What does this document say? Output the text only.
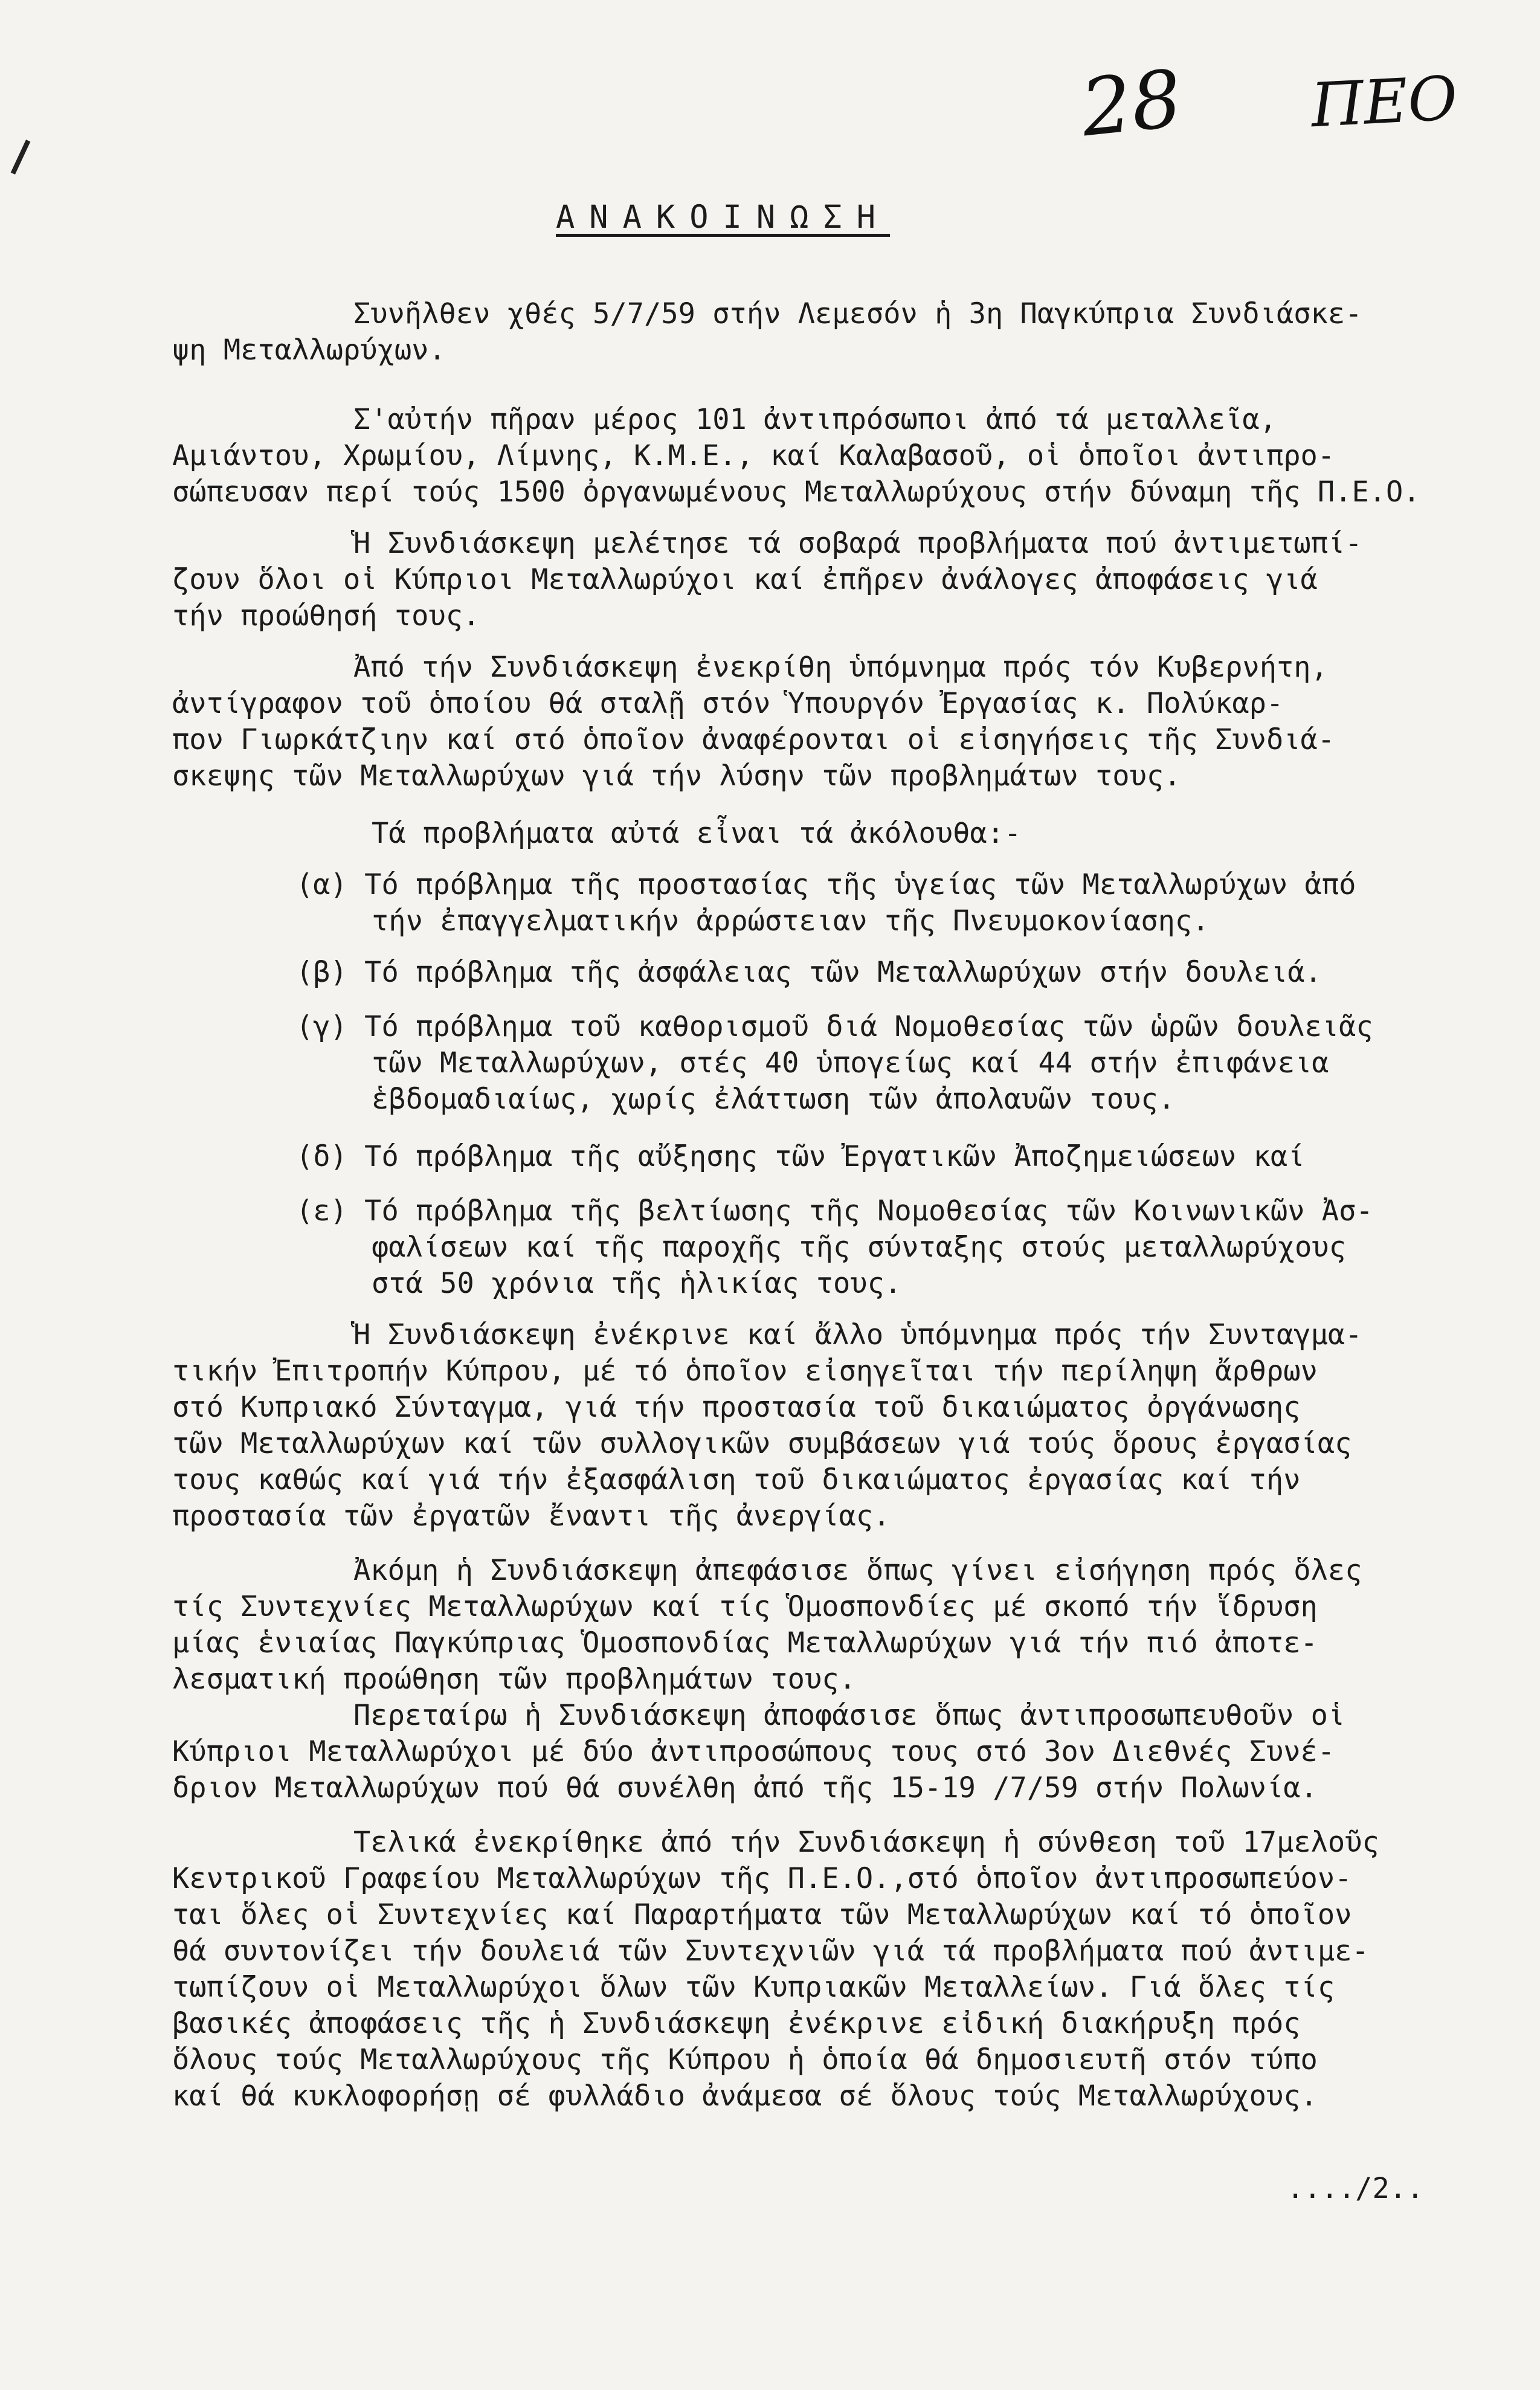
28 ΠΕΟ
ΑΝΑΚΟΙΝΩΣΗ
Συνῆλθεν χθές 5/7/59 στήν Λεμεσόν ἡ 3η Παγκύπρια Συνδιάσκε-
ψη Μεταλλωρύχων.
Σ'αὐτήν πῆραν μέρος 101 ἀντιπρόσωποι ἀπό τά μεταλλεῖα,
Αμιάντου, Χρωμίου, Λίμνης, Κ.Μ.Ε., καί Καλαβασοῦ, οἱ ὁποῖοι ἀντιπρο-
σώπευσαν περί τούς 1500 ὀργανωμένους Μεταλλωρύχους στήν δύναμη τῆς Π.Ε.Ο.
Ἡ Συνδιάσκεψη μελέτησε τά σοβαρά προβλήματα πού ἀντιμετωπί-
ζουν ὅλοι οἱ Κύπριοι Μεταλλωρύχοι καί ἐπῆρεν ἀνάλογες ἀποφάσεις γιά
τήν προώθησή τους.
Ἀπό τήν Συνδιάσκεψη ἐνεκρίθη ὑπόμνημα πρός τόν Κυβερνήτη,
ἀντίγραφον τοῦ ὁποίου θά σταλῇ στόν Ὑπουργόν Ἐργασίας κ. Πολύκαρ-
πον Γιωρκάτζιην καί στό ὁποῖον ἀναφέρονται οἱ εἰσηγήσεις τῆς Συνδιά-
σκεψης τῶν Μεταλλωρύχων γιά τήν λύσην τῶν προβλημάτων τους.
Τά προβλήματα αὐτά εἶναι τά ἀκόλουθα:-
(α) Τό πρόβλημα τῆς προστασίας τῆς ὑγείας τῶν Μεταλλωρύχων ἀπό
τήν ἐπαγγελματικήν ἀρρώστειαν τῆς Πνευμοκονίασης.
(β) Τό πρόβλημα τῆς ἀσφάλειας τῶν Μεταλλωρύχων στήν δουλειά.
(γ) Τό πρόβλημα τοῦ καθορισμοῦ διά Νομοθεσίας τῶν ὡρῶν δουλειᾶς
τῶν Μεταλλωρύχων, στές 40 ὑπογείως καί 44 στήν ἐπιφάνεια
ἑβδομαδιαίως, χωρίς ἐλάττωση τῶν ἀπολαυῶν τους.
(δ) Τό πρόβλημα τῆς αὔξησης τῶν Ἐργατικῶν Ἀποζημειώσεων καί
(ε) Τό πρόβλημα τῆς βελτίωσης τῆς Νομοθεσίας τῶν Κοινωνικῶν Ἀσ-
φαλίσεων καί τῆς παροχῆς τῆς σύνταξης στούς μεταλλωρύχους
στά 50 χρόνια τῆς ἡλικίας τους.
Ἡ Συνδιάσκεψη ἐνέκρινε καί ἄλλο ὑπόμνημα πρός τήν Συνταγμα-
τικήν Ἐπιτροπήν Κύπρου, μέ τό ὁποῖον εἰσηγεῖται τήν περίληψη ἄρθρων
στό Κυπριακό Σύνταγμα, γιά τήν προστασία τοῦ δικαιώματος ὀργάνωσης
τῶν Μεταλλωρύχων καί τῶν συλλογικῶν συμβάσεων γιά τούς ὅρους ἐργασίας
τους καθώς καί γιά τήν ἐξασφάλιση τοῦ δικαιώματος ἐργασίας καί τήν
προστασία τῶν ἐργατῶν ἔναντι τῆς ἀνεργίας.
Ἀκόμη ἡ Συνδιάσκεψη ἀπεφάσισε ὅπως γίνει εἰσήγηση πρός ὅλες
τίς Συντεχνίες Μεταλλωρύχων καί τίς Ὁμοσπονδίες μέ σκοπό τήν ἵδρυση
μίας ἑνιαίας Παγκύπριας Ὁμοσπονδίας Μεταλλωρύχων γιά τήν πιό ἀποτε-
λεσματική προώθηση τῶν προβλημάτων τους.
Περεταίρω ἡ Συνδιάσκεψη ἀποφάσισε ὅπως ἀντιπροσωπευθοῦν οἱ
Κύπριοι Μεταλλωρύχοι μέ δύο ἀντιπροσώπους τους στό 3ον Διεθνές Συνέ-
δριον Μεταλλωρύχων πού θά συνέλθη ἀπό τῆς 15-19 /7/59 στήν Πολωνία.
Τελικά ἐνεκρίθηκε ἀπό τήν Συνδιάσκεψη ἡ σύνθεση τοῦ 17μελοῦς
Κεντρικοῦ Γραφείου Μεταλλωρύχων τῆς Π.Ε.Ο.,στό ὁποῖον ἀντιπροσωπεύον-
ται ὅλες οἱ Συντεχνίες καί Παραρτήματα τῶν Μεταλλωρύχων καί τό ὁποῖον
θά συντονίζει τήν δουλειά τῶν Συντεχνιῶν γιά τά προβλήματα πού ἀντιμε-
τωπίζουν οἱ Μεταλλωρύχοι ὅλων τῶν Κυπριακῶν Μεταλλείων. Γιά ὅλες τίς
βασικές ἀποφάσεις τῆς ἡ Συνδιάσκεψη ἐνέκρινε εἰδική διακήρυξη πρός
ὅλους τούς Μεταλλωρύχους τῆς Κύπρου ἡ ὁποία θά δημοσιευτῆ στόν τύπο
καί θά κυκλοφορήσῃ σέ φυλλάδιο ἀνάμεσα σέ ὅλους τούς Μεταλλωρύχους.
..../2..
